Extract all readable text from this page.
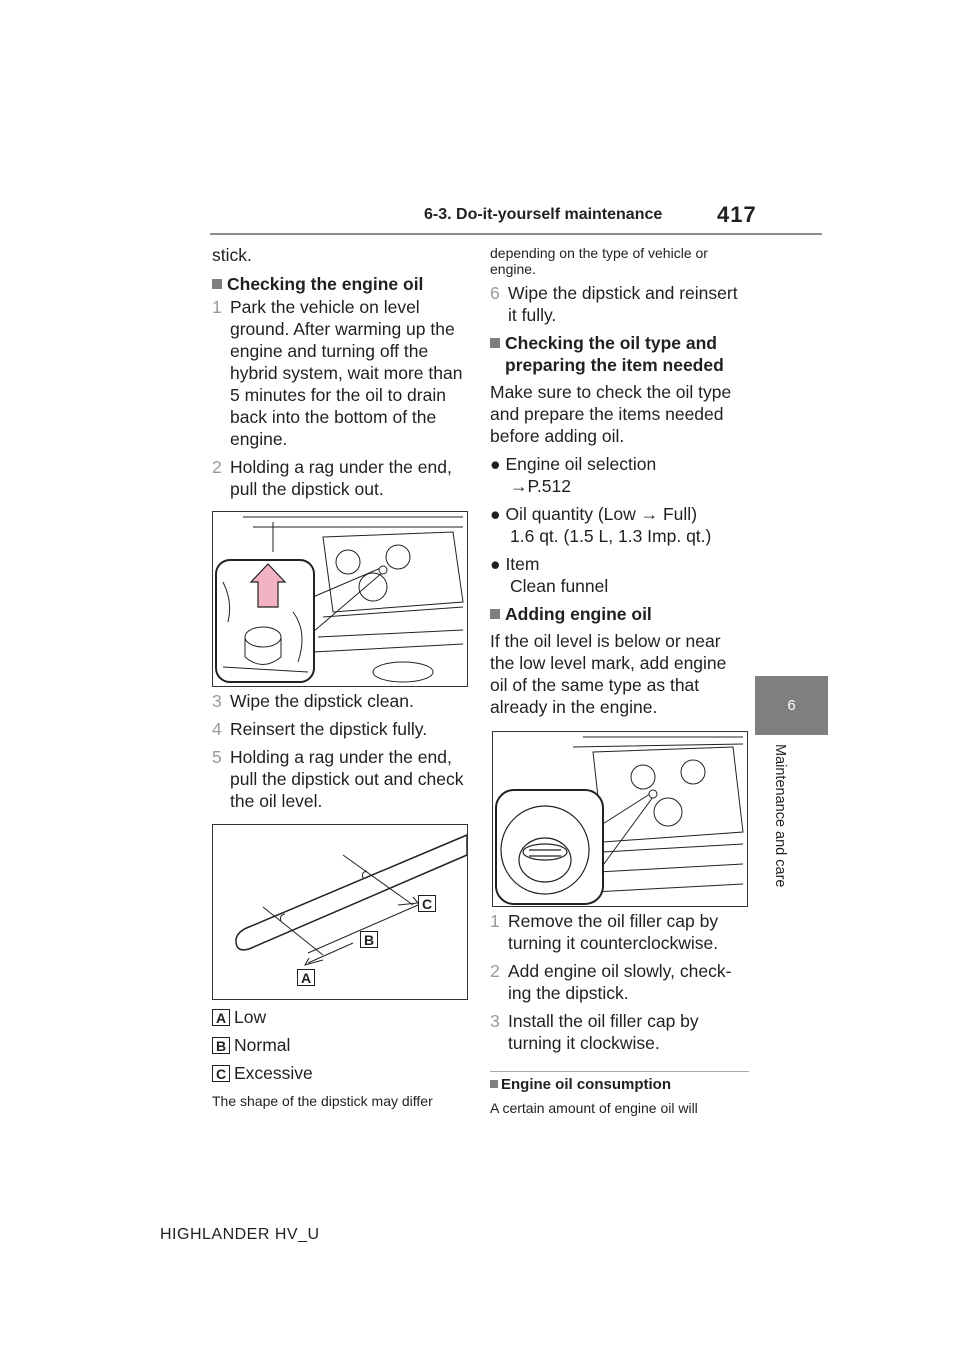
6-3. Do-it-yourself maintenance 417
6
Maintenance and care
stick.
Checking the engine oil
1 Park the vehicle on level ground. After warming up the engine and turning off the hybrid system, wait more than 5 minutes for the oil to drain back into the bottom of the engine.
2 Holding a rag under the end, pull the dipstick out.
3 Wipe the dipstick clean.
4 Reinsert the dipstick fully.
5 Holding a rag under the end, pull the dipstick out and check the oil level.
C
B
A
A Low
B Normal
C Excessive
The shape of the dipstick may differ
depending on the type of vehicle or engine.
6 Wipe the dipstick and reinsert it fully.
Checking the oil type and preparing the item needed
Make sure to check the oil type and prepare the items needed before adding oil.
● Engine oil selection
→P.512
● Oil quantity (Low → Full)
1.6 qt. (1.5 L, 1.3 Imp. qt.)
● Item
Clean funnel
Adding engine oil
If the oil level is below or near the low level mark, add engine oil of the same type as that already in the engine.
1 Remove the oil filler cap by turning it counterclockwise.
2 Add engine oil slowly, check-ing the dipstick.
3 Install the oil filler cap by turning it clockwise.
Engine oil consumption
A certain amount of engine oil will
HIGHLANDER HV_U
